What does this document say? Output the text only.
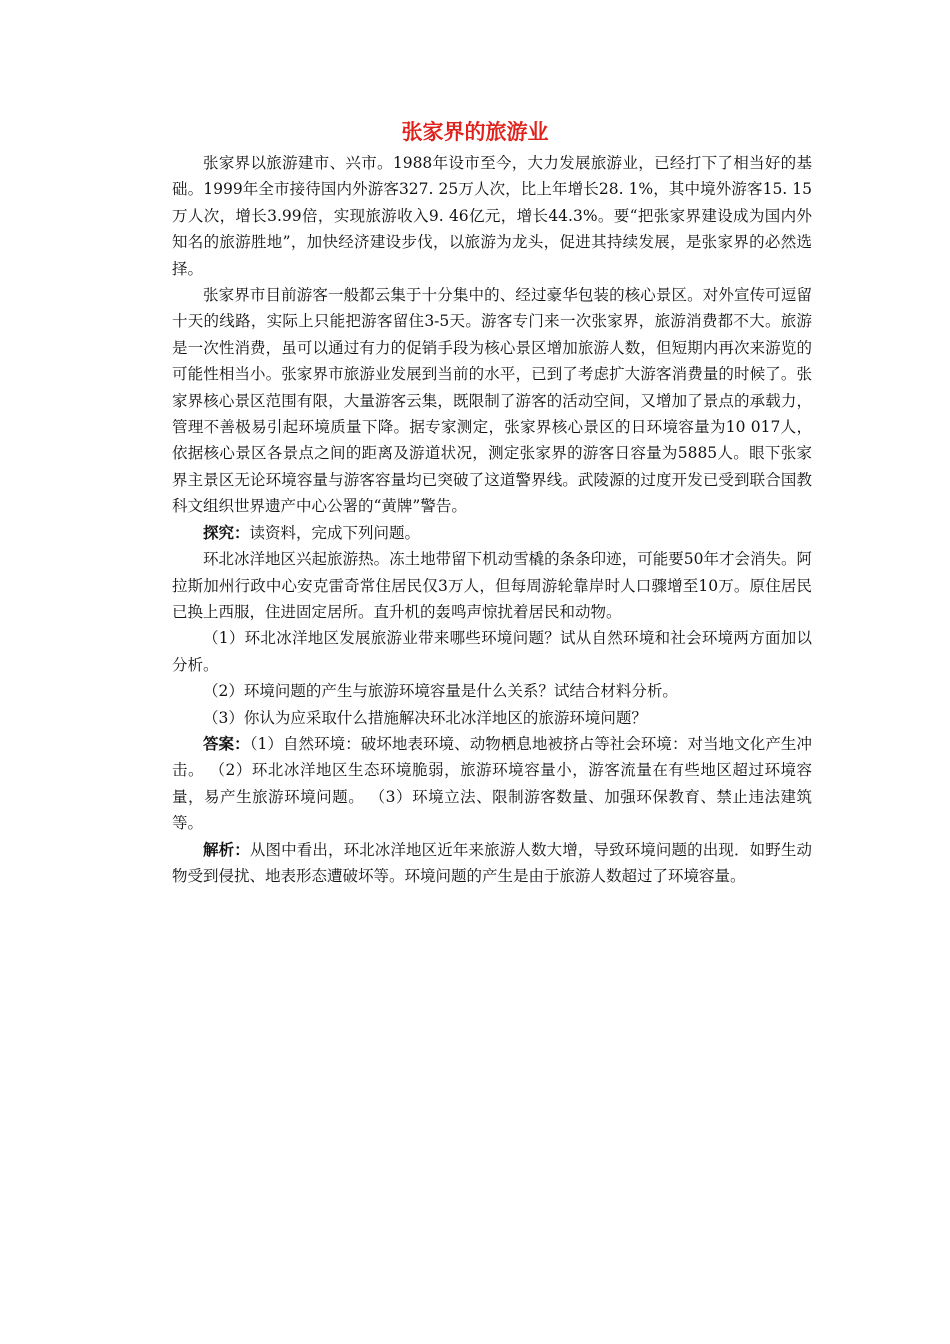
张家界的旅游业

张家界以旅游建市、兴市。1988年设市至今，大力发展旅游业，已经打下了相当好的基础。1999年全市接待国内外游客327. 25万人次，比上年增长28. 1%，其中境外游客15. 15万人次，增长3.99倍，实现旅游收入9. 46亿元，增长44.3%。要“把张家界建设成为国内外知名的旅游胜地”，加快经济建设步伐，以旅游为龙头，促进其持续发展，是张家界的必然选择。

张家界市目前游客一般都云集于十分集中的、经过豪华包装的核心景区。对外宣传可逗留十天的线路，实际上只能把游客留住3-5天。游客专门来一次张家界，旅游消费都不大。旅游是一次性消费，虽可以通过有力的促销手段为核心景区增加旅游人数，但短期内再次来游览的可能性相当小。张家界市旅游业发展到当前的水平，已到了考虑扩大游客消费量的时候了。张家界核心景区范围有限，大量游客云集，既限制了游客的活动空间，又增加了景点的承载力，管理不善极易引起环境质量下降。据专家测定，张家界核心景区的日环境容量为10 017人，依据核心景区各景点之间的距离及游道状况，测定张家界的游客日容量为5885人。眼下张家界主景区无论环境容量与游客容量均已突破了这道警界线。武陵源的过度开发已受到联合国教科文组织世界遗产中心公署的“黄牌”警告。

探究：读资料，完成下列问题。

环北冰洋地区兴起旅游热。冻土地带留下机动雪橇的条条印迹，可能要50年才会消失。阿拉斯加州行政中心安克雷奇常住居民仅3万人，但每周游轮靠岸时人口骤增至10万。原住居民已换上西服，住进固定居所。直升机的轰鸣声惊扰着居民和动物。

（1）环北冰洋地区发展旅游业带来哪些环境问题？试从自然环境和社会环境两方面加以分析。

（2）环境问题的产生与旅游环境容量是什么关系？试结合材料分析。

（3）你认为应采取什么措施解决环北冰洋地区的旅游环境问题？

答案：（1）自然环境：破坏地表环境、动物栖息地被挤占等社会环境：对当地文化产生冲击。 （2）环北冰洋地区生态环境脆弱，旅游环境容量小，游客流量在有些地区超过环境容量，易产生旅游环境问题。 （3）环境立法、限制游客数量、加强环保教育、禁止违法建筑等。

解析：从图中看出，环北冰洋地区近年来旅游人数大增，导致环境问题的出现．如野生动物受到侵扰、地表形态遭破坏等。环境问题的产生是由于旅游人数超过了环境容量。
